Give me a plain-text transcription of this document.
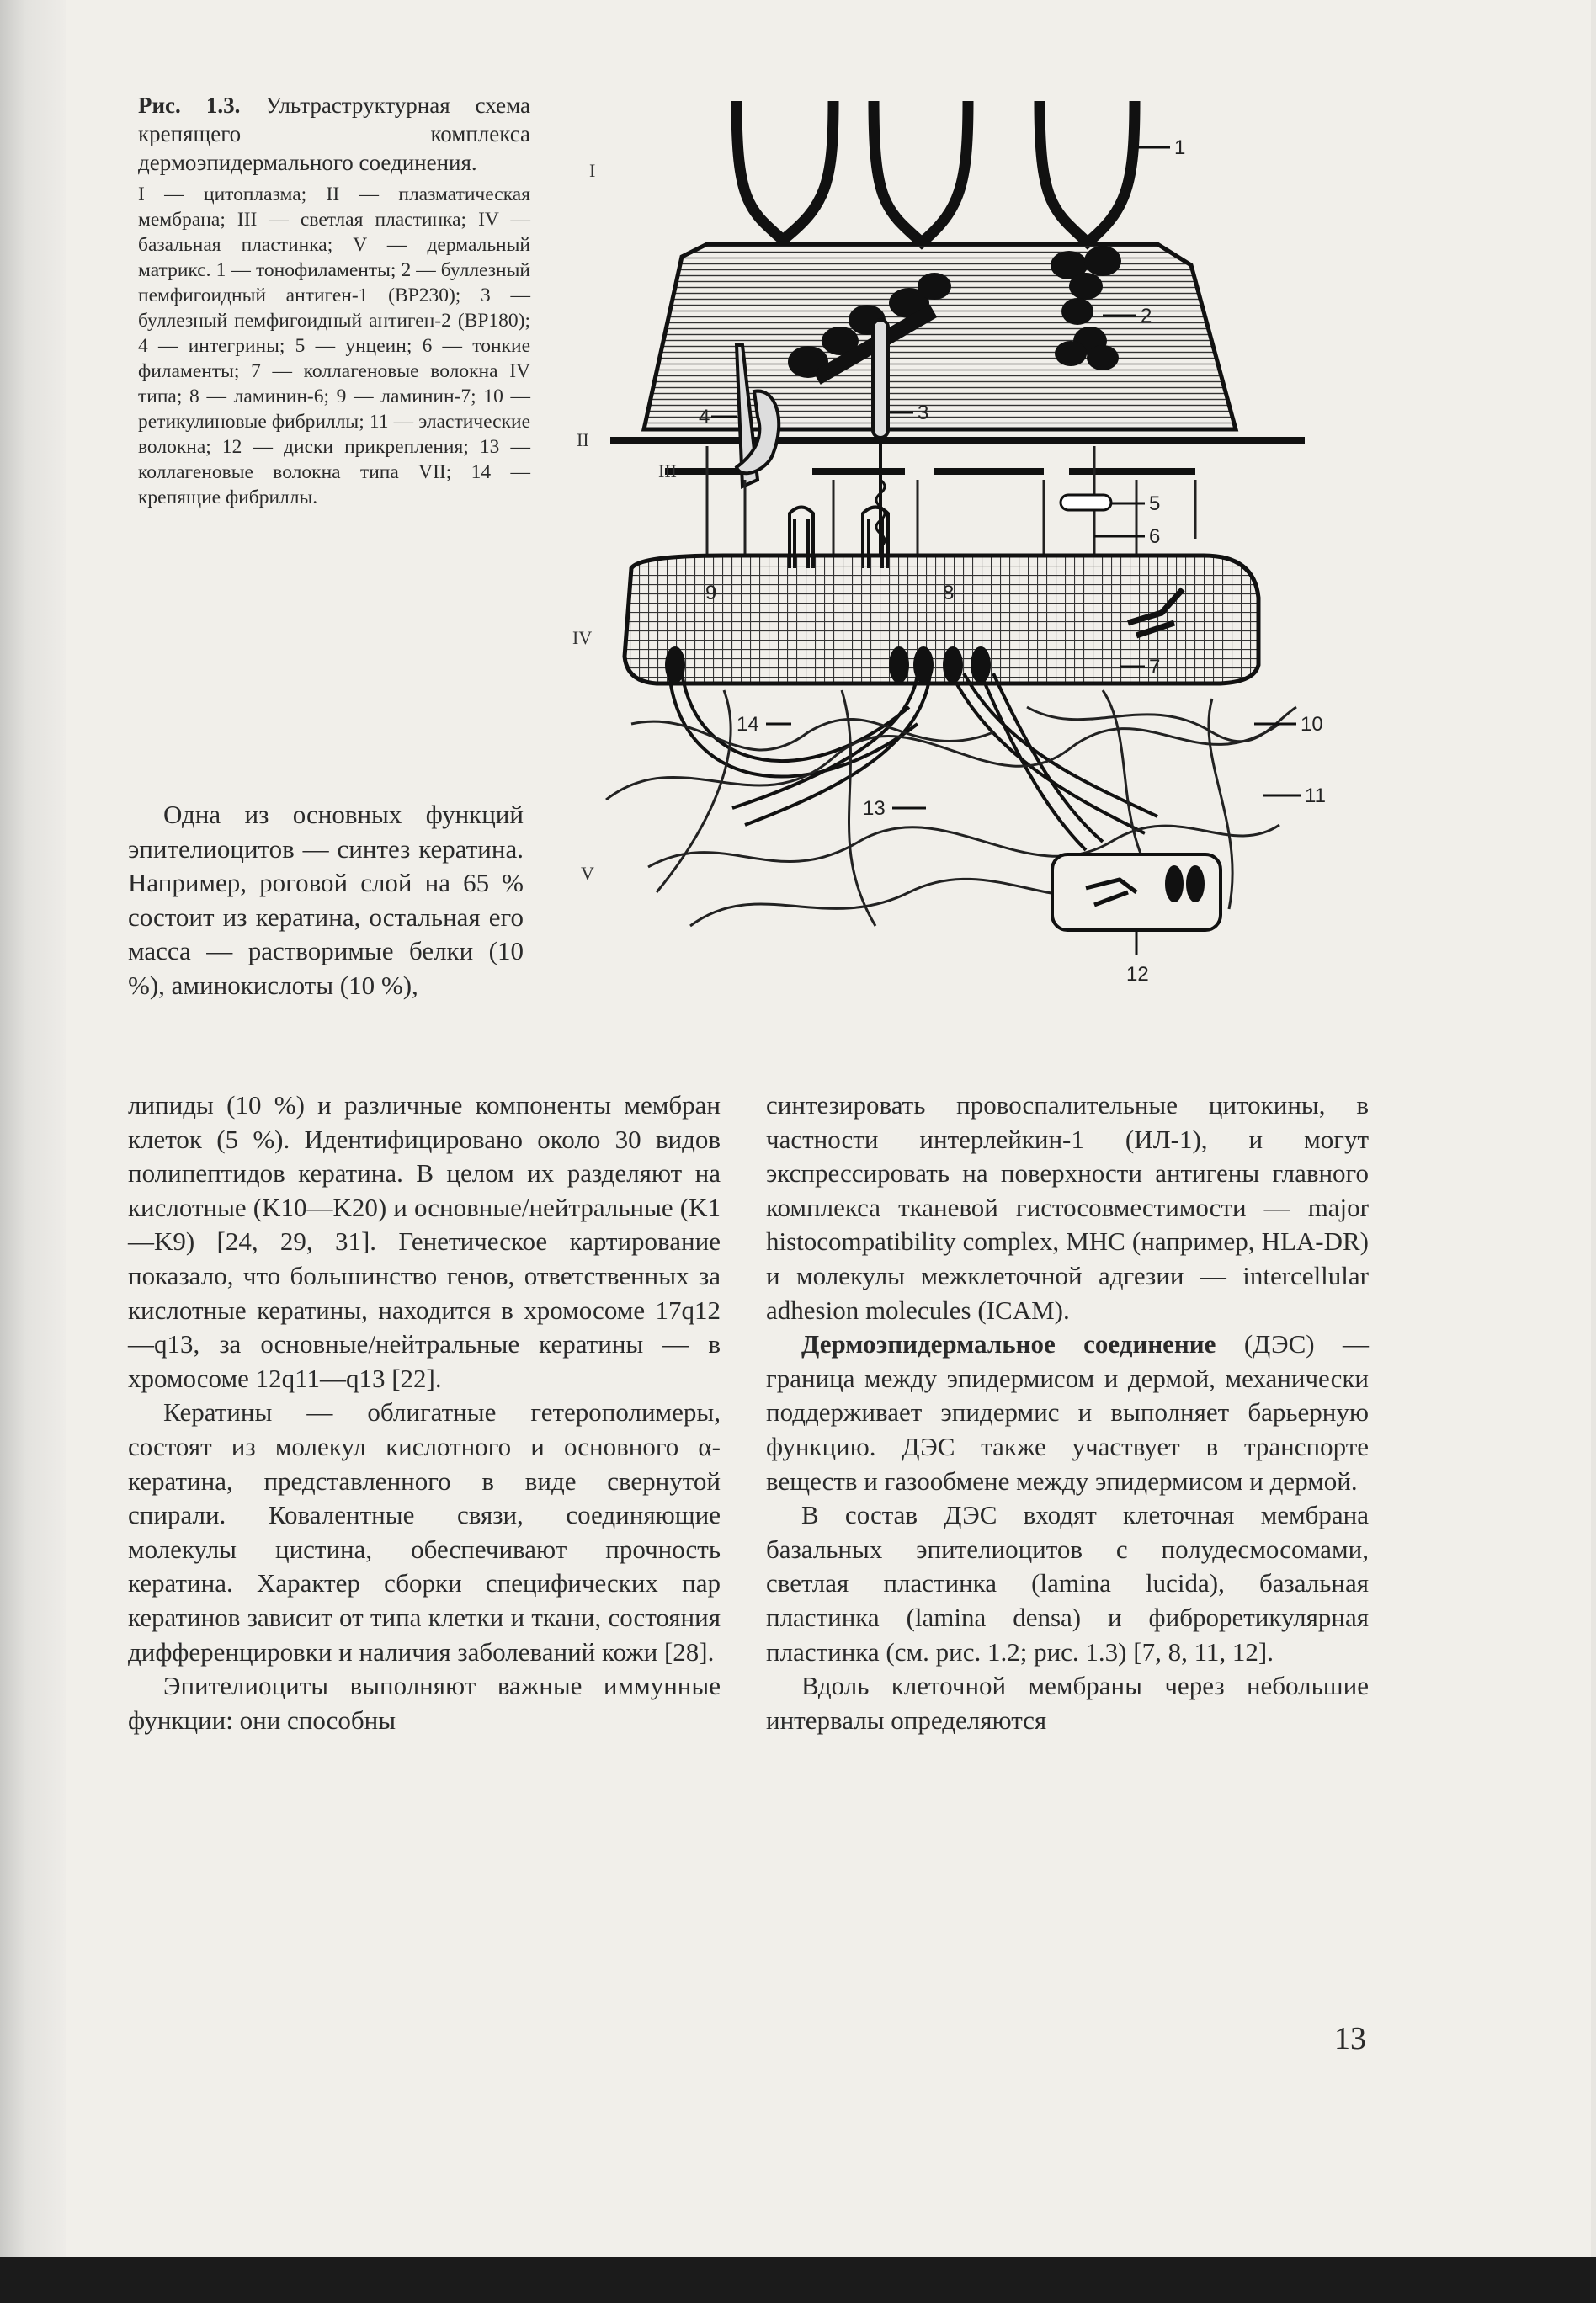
Рис. 1.3. Ультраструктурная схема крепящего комплекса дермоэпидермального соединения.

I — цитоплазма; II — плазматическая мембрана; III — светлая пластинка; IV — базальная пластинка; V — дермальный матрикс. 1 — тонофиламенты; 2 — буллезный пемфигоидный антиген-1 (BP230); 3 — буллезный пемфигоидный антиген-2 (BP180); 4 — интегрины; 5 — унцеин; 6 — тонкие филаменты; 7 — коллагеновые волокна IV типа; 8 — ламинин-6; 9 — ламинин-7; 10 — ретикулиновые фибриллы; 11 — эластические волокна; 12 — диски прикрепления; 13 — коллагеновые волокна типа VII; 14 — крепящие фибриллы.

I
II
III
IV
V
1
2
3
4
5
6
7
8
9
10
11
12
13
14

Одна из основных функций эпителиоцитов — синтез кератина. Например, роговой слой на 65 % состоит из кератина, остальная его масса — растворимые белки (10 %), аминокислоты (10 %),

липиды (10 %) и различные компоненты мембран клеток (5 %). Идентифицировано около 30 видов полипептидов кератина. В целом их разделяют на кислотные (K10—K20) и основные/нейтральные (K1—K9) [24, 29, 31]. Генетическое картирование показало, что большинство генов, ответственных за кислотные кератины, находится в хромосоме 17q12—q13, за основные/нейтральные кератины — в хромосоме 12q11—q13 [22].

Кератины — облигатные гетерополимеры, состоят из молекул кислотного и основного α-кератина, представленного в виде свернутой спирали. Ковалентные связи, соединяющие молекулы цистина, обеспечивают прочность кератина. Характер сборки специфических пар кератинов зависит от типа клетки и ткани, состояния дифференцировки и наличия заболеваний кожи [28].

Эпителиоциты выполняют важные иммунные функции: они способны

синтезировать провоспалительные цитокины, в частности интерлейкин-1 (ИЛ-1), и могут экспрессировать на поверхности антигены главного комплекса тканевой гистосовместимости — major histocompatibility complex, MHC (например, HLA-DR) и молекулы межклеточной адгезии — intercellular adhesion molecules (ICAM).

Дермоэпидермальное соединение (ДЭС) — граница между эпидермисом и дермой, механически поддерживает эпидермис и выполняет барьерную функцию. ДЭС также участвует в транспорте веществ и газообмене между эпидермисом и дермой.

В состав ДЭС входят клеточная мембрана базальных эпителиоцитов с полудесмосомами, светлая пластинка (lamina lucida), базальная пластинка (lamina densa) и фиброретикулярная пластинка (см. рис. 1.2; рис. 1.3) [7, 8, 11, 12].

Вдоль клеточной мембраны через небольшие интервалы определяются

13
